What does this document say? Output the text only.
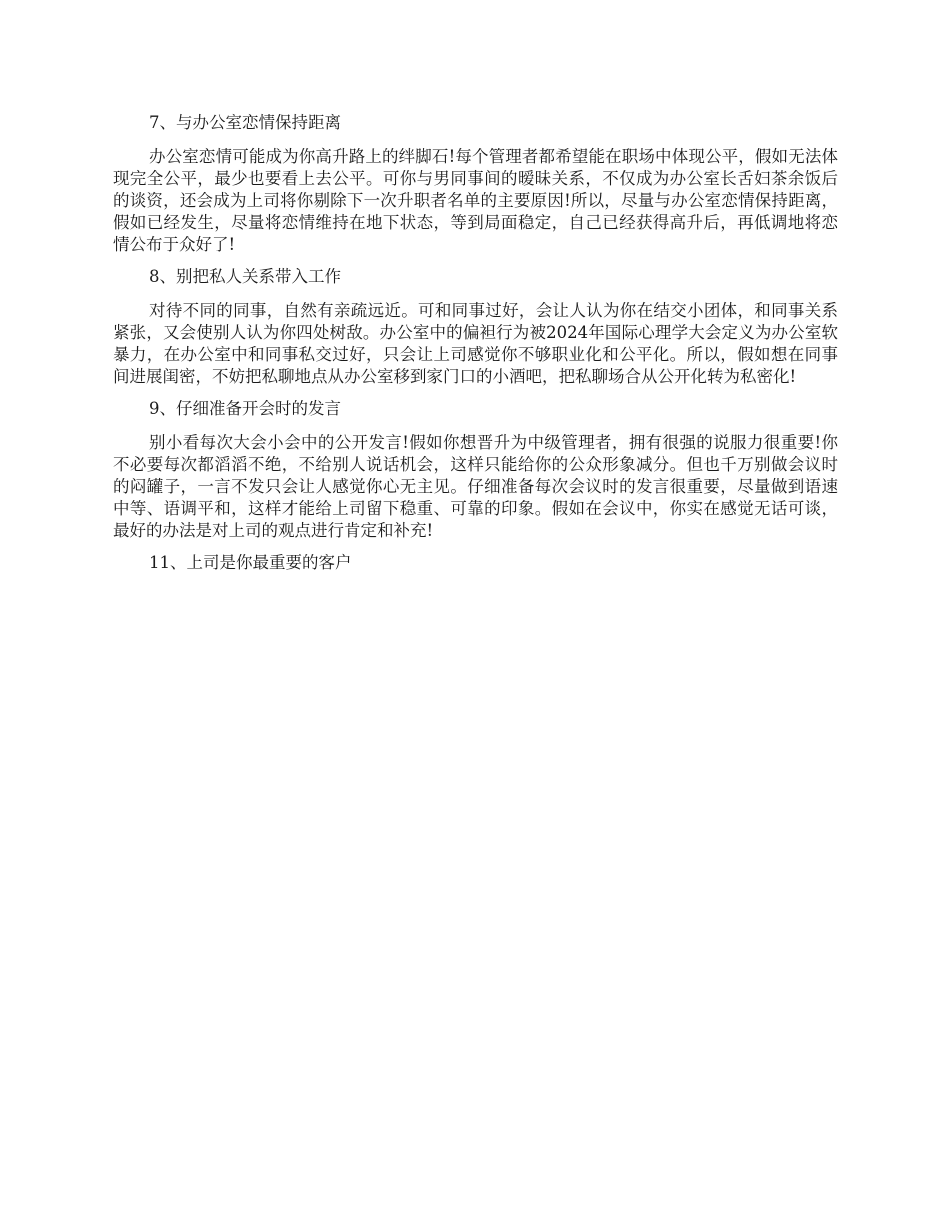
7、与办公室恋情保持距离

办公室恋情可能成为你高升路上的绊脚石!每个管理者都希望能在职场中体现公平，假如无法体现完全公平，最少也要看上去公平。可你与男同事间的暧昧关系，不仅成为办公室长舌妇茶余饭后的谈资，还会成为上司将你剔除下一次升职者名单的主要原因!所以，尽量与办公室恋情保持距离，假如已经发生，尽量将恋情维持在地下状态，等到局面稳定，自己已经获得高升后，再低调地将恋情公布于众好了!

8、别把私人关系带入工作

对待不同的同事，自然有亲疏远近。可和同事过好，会让人认为你在结交小团体，和同事关系紧张，又会使别人认为你四处树敌。办公室中的偏袒行为被2024年国际心理学大会定义为办公室软暴力，在办公室中和同事私交过好，只会让上司感觉你不够职业化和公平化。所以，假如想在同事间进展闺密，不妨把私聊地点从办公室移到家门口的小酒吧，把私聊场合从公开化转为私密化!

9、仔细准备开会时的发言

别小看每次大会小会中的公开发言!假如你想晋升为中级管理者，拥有很强的说服力很重要!你不必要每次都滔滔不绝，不给别人说话机会，这样只能给你的公众形象减分。但也千万别做会议时的闷罐子，一言不发只会让人感觉你心无主见。仔细准备每次会议时的发言很重要，尽量做到语速中等、语调平和，这样才能给上司留下稳重、可靠的印象。假如在会议中，你实在感觉无话可谈，最好的办法是对上司的观点进行肯定和补充!

11、上司是你最重要的客户
